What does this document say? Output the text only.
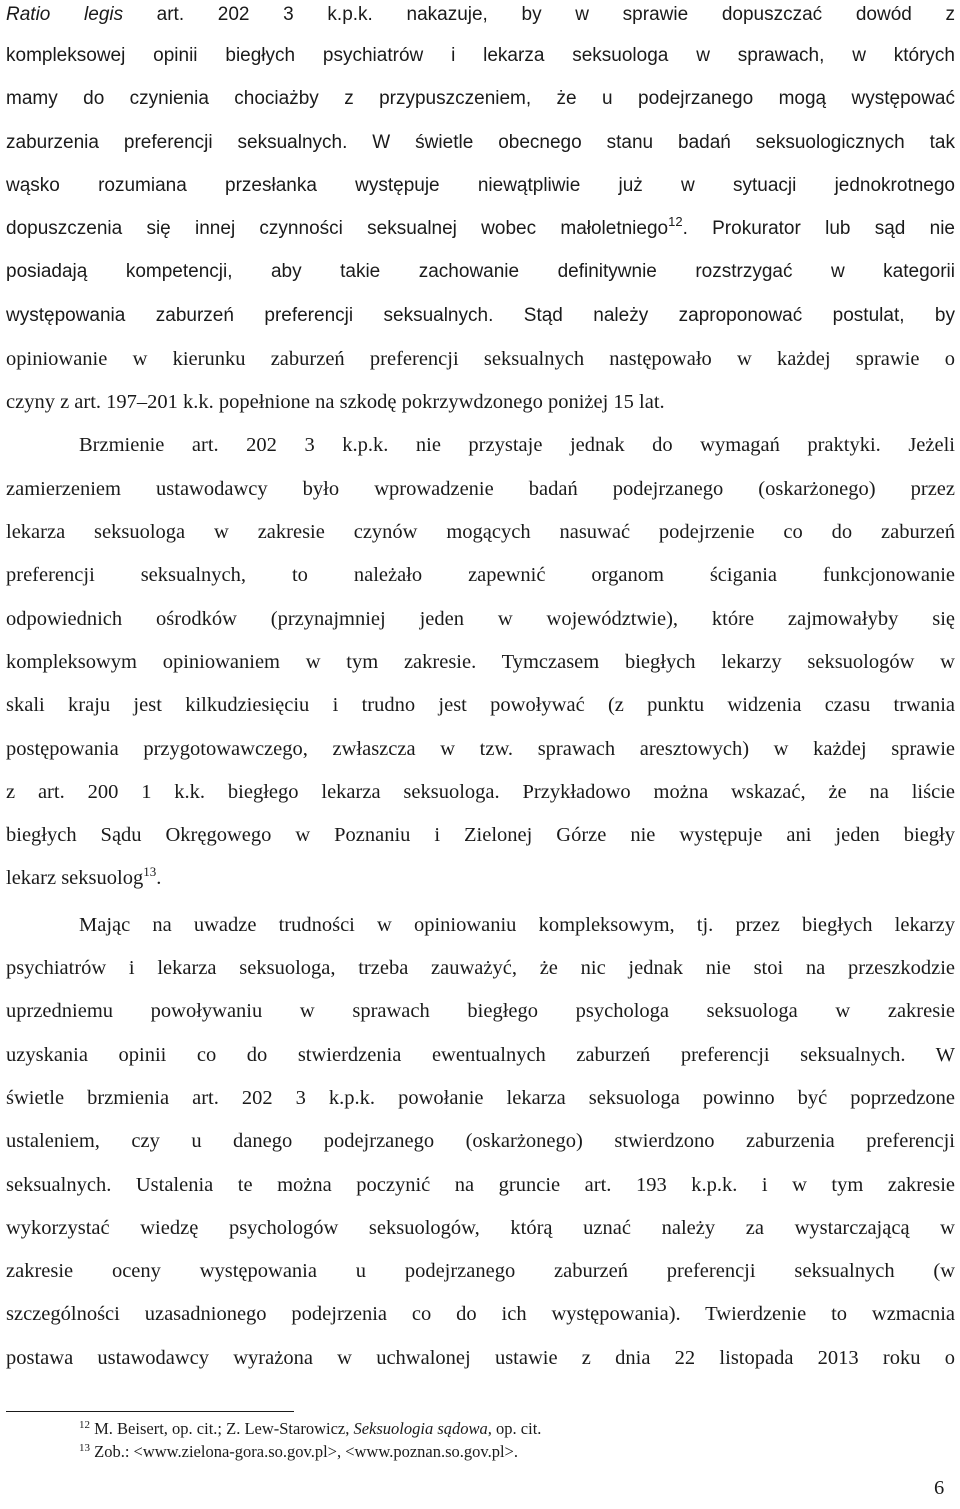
Ratio legis art. 202 3 k.p.k. nakazuje, by w sprawie dopuszczać dowód z
kompleksowej opinii biegłych psychiatrów i lekarza seksuologa w sprawach, w których
mamy do czynienia chociażby z przypuszczeniem, że u podejrzanego mogą występować
zaburzenia preferencji seksualnych. W świetle obecnego stanu badań seksuologicznych tak
wąsko rozumiana przesłanka występuje niewątpliwie już w sytuacji jednokrotnego
dopuszczenia się innej czynności seksualnej wobec małoletniego$^{12}$. Prokurator lub sąd nie
posiadają kompetencji, aby takie zachowanie definitywnie rozstrzygać w kategorii
występowania zaburzeń preferencji seksualnych. Stąd należy zaproponować postulat, by
opiniowanie w kierunku zaburzeń preferencji seksualnych następowało w każdej sprawie o
czyny z art. 197–201 k.k. popełnione na szkodę pokrzywdzonego poniżej 15 lat.
Brzmienie art. 202 3 k.p.k. nie przystaje jednak do wymagań praktyki. Jeżeli
zamierzeniem ustawodawcy było wprowadzenie badań podejrzanego (oskarżonego) przez
lekarza seksuologa w zakresie czynów mogących nasuwać podejrzenie co do zaburzeń
preferencji seksualnych, to należało zapewnić organom ścigania funkcjonowanie
odpowiednich ośrodków (przynajmniej jeden w województwie), które zajmowałyby się
kompleksowym opiniowaniem w tym zakresie. Tymczasem biegłych lekarzy seksuologów w
skali kraju jest kilkudziesięciu i trudno jest powoływać (z punktu widzenia czasu trwania
postępowania przygotowawczego, zwłaszcza w tzw. sprawach aresztowych) w każdej sprawie
z art. 200 1 k.k. biegłego lekarza seksuologa. Przykładowo można wskazać, że na liście
biegłych Sądu Okręgowego w Poznaniu i Zielonej Górze nie występuje ani jeden biegły
lekarz seksuolog$^{13}$.
Mając na uwadze trudności w opiniowaniu kompleksowym, tj. przez biegłych lekarzy
psychiatrów i lekarza seksuologa, trzeba zauważyć, że nic jednak nie stoi na przeszkodzie
uprzedniemu powoływaniu w sprawach biegłego psychologa seksuologa w zakresie
uzyskania opinii co do stwierdzenia ewentualnych zaburzeń preferencji seksualnych. W
świetle brzmienia art. 202 3 k.p.k. powołanie lekarza seksuologa powinno być poprzedzone
ustaleniem, czy u danego podejrzanego (oskarżonego) stwierdzono zaburzenia preferencji
seksualnych. Ustalenia te można poczynić na gruncie art. 193 k.p.k. i w tym zakresie
wykorzystać wiedzę psychologów seksuologów, którą uznać należy za wystarczającą w
zakresie oceny występowania u podejrzanego zaburzeń preferencji seksualnych (w
szczególności uzasadnionego podejrzenia co do ich występowania). Twierdzenie to wzmacnia
postawa ustawodawcy wyrażona w uchwalonej ustawie z dnia 22 listopada 2013 roku o
$^{12}$ M. Beisert, op. cit.; Z. Lew-Starowicz, Seksuologia sądowa, op. cit.
$^{13}$ Zob.: <www.zielona-gora.so.gov.pl>, <www.poznan.so.gov.pl>.
6
